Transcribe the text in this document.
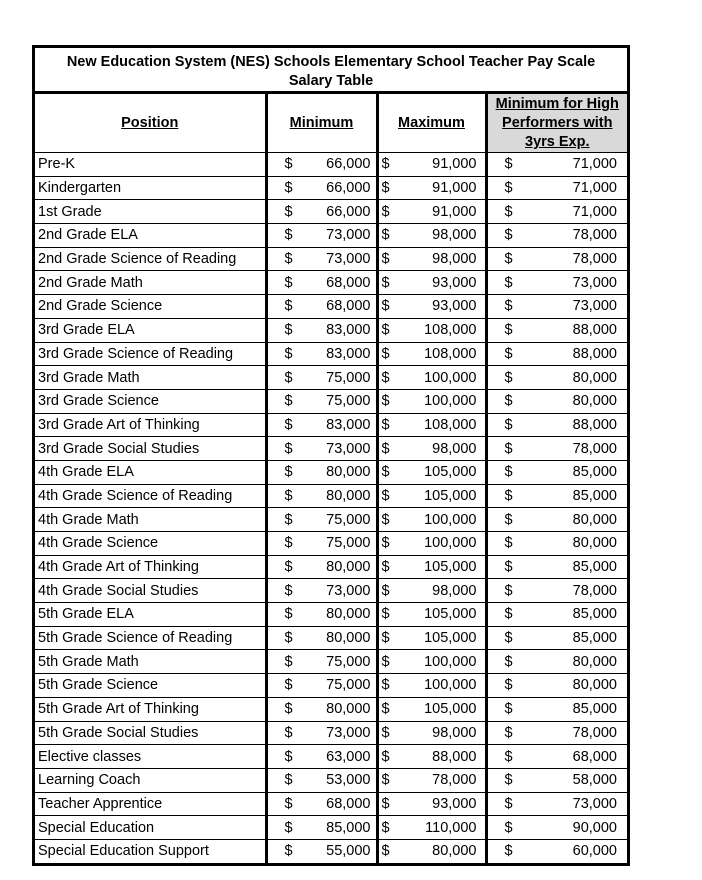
New Education System (NES) Schools Elementary School Teacher Pay Scale
Salary Table
Position	Minimum	Maximum	Minimum for High
Performers with
3yrs Exp.

Pre-K	$ 66,000	$ 91,000	$ 71,000

Kindergarten	$ 66,000	$ 91,000	$ 71,000

1st Grade	$ 66,000	$ 91,000	$ 71,000

2nd Grade ELA	$ 73,000	$ 98,000	$ 78,000

2nd Grade Science of Reading	$ 73,000	$ 98,000	$ 78,000

2nd Grade Math	$ 68,000	$ 93,000	$ 73,000

2nd Grade Science	$ 68,000	$ 93,000	$ 73,000

3rd Grade ELA	$ 83,000	$ 108,000	$ 88,000

3rd Grade Science of Reading	$ 83,000	$ 108,000	$ 88,000

3rd Grade Math	$ 75,000	$ 100,000	$ 80,000

3rd Grade Science	$ 75,000	$ 100,000	$ 80,000

3rd Grade Art of Thinking	$ 83,000	$ 108,000	$ 88,000

3rd Grade Social Studies	$ 73,000	$ 98,000	$ 78,000

4th Grade ELA	$ 80,000	$ 105,000	$ 85,000

4th Grade Science of Reading	$ 80,000	$ 105,000	$ 85,000

4th Grade Math	$ 75,000	$ 100,000	$ 80,000

4th Grade Science	$ 75,000	$ 100,000	$ 80,000

4th Grade Art of Thinking	$ 80,000	$ 105,000	$ 85,000

4th Grade Social Studies	$ 73,000	$ 98,000	$ 78,000

5th Grade ELA	$ 80,000	$ 105,000	$ 85,000

5th Grade Science of Reading	$ 80,000	$ 105,000	$ 85,000

5th Grade Math	$ 75,000	$ 100,000	$ 80,000

5th Grade Science	$ 75,000	$ 100,000	$ 80,000

5th Grade Art of Thinking	$ 80,000	$ 105,000	$ 85,000

5th Grade Social Studies	$ 73,000	$ 98,000	$ 78,000

Elective classes	$ 63,000	$ 88,000	$ 68,000

Learning Coach	$ 53,000	$ 78,000	$ 58,000

Teacher Apprentice	$ 68,000	$ 93,000	$ 73,000

Special Education	$ 85,000	$ 110,000	$ 90,000

Special Education Support	$ 55,000	$ 80,000	$ 60,000
